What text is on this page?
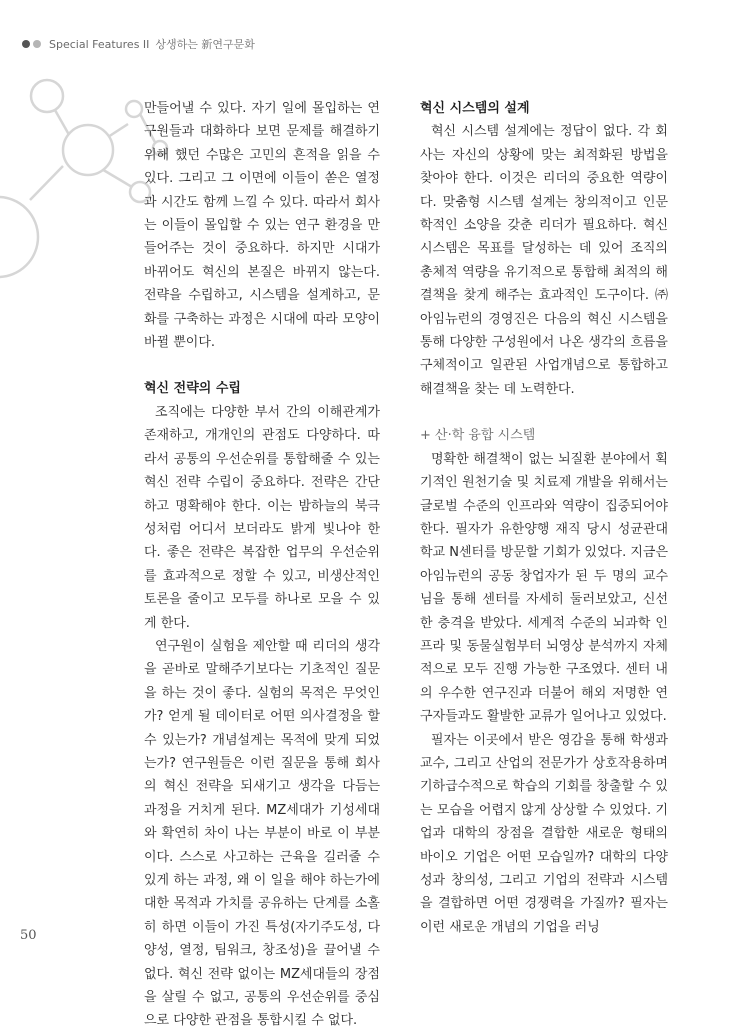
Special Features II 상생하는 新연구문화

만들어낼 수 있다. 자기 일에 몰입하는 연구원들과 대화하다 보면 문제를 해결하기 위해 했던 수많은 고민의 흔적을 읽을 수 있다. 그리고 그 이면에 이들이 쏟은 열정과 시간도 함께 느낄 수 있다. 따라서 회사는 이들이 몰입할 수 있는 연구 환경을 만들어주는 것이 중요하다. 하지만 시대가 바뀌어도 혁신의 본질은 바뀌지 않는다. 전략을 수립하고, 시스템을 설계하고, 문화를 구축하는 과정은 시대에 따라 모양이 바뀔 뿐이다.

혁신 전략의 수립

조직에는 다양한 부서 간의 이해관계가 존재하고, 개개인의 관점도 다양하다. 따라서 공통의 우선순위를 통합해줄 수 있는 혁신 전략 수립이 중요하다. 전략은 간단하고 명확해야 한다. 이는 밤하늘의 북극성처럼 어디서 보더라도 밝게 빛나야 한다. 좋은 전략은 복잡한 업무의 우선순위를 효과적으로 정할 수 있고, 비생산적인 토론을 줄이고 모두를 하나로 모을 수 있게 한다.

연구원이 실험을 제안할 때 리더의 생각을 곧바로 말해주기보다는 기초적인 질문을 하는 것이 좋다. 실험의 목적은 무엇인가? 얻게 될 데이터로 어떤 의사결정을 할 수 있는가? 개념설계는 목적에 맞게 되었는가? 연구원들은 이런 질문을 통해 회사의 혁신 전략을 되새기고 생각을 다듬는 과정을 거치게 된다. MZ세대가 기성세대와 확연히 차이 나는 부분이 바로 이 부분이다. 스스로 사고하는 근육을 길러줄 수 있게 하는 과정, 왜 이 일을 해야 하는가에 대한 목적과 가치를 공유하는 단계를 소홀히 하면 이들이 가진 특성(자기주도성, 다양성, 열정, 팀워크, 창조성)을 끌어낼 수 없다. 혁신 전략 없이는 MZ세대들의 장점을 살릴 수 없고, 공통의 우선순위를 중심으로 다양한 관점을 통합시킬 수 없다.

혁신 시스템의 설계

혁신 시스템 설계에는 정답이 없다. 각 회사는 자신의 상황에 맞는 최적화된 방법을 찾아야 한다. 이것은 리더의 중요한 역량이다. 맞춤형 시스템 설계는 창의적이고 인문학적인 소양을 갖춘 리더가 필요하다. 혁신 시스템은 목표를 달성하는 데 있어 조직의 총체적 역량을 유기적으로 통합해 최적의 해결책을 찾게 해주는 효과적인 도구이다. ㈜아임뉴런의 경영진은 다음의 혁신 시스템을 통해 다양한 구성원에서 나온 생각의 흐름을 구체적이고 일관된 사업개념으로 통합하고 해결책을 찾는 데 노력한다.

+ 산·학 융합 시스템

명확한 해결책이 없는 뇌질환 분야에서 획기적인 원천기술 및 치료제 개발을 위해서는 글로벌 수준의 인프라와 역량이 집중되어야 한다. 필자가 유한양행 재직 당시 성균관대학교 N센터를 방문할 기회가 있었다. 지금은 아임뉴런의 공동 창업자가 된 두 명의 교수님을 통해 센터를 자세히 둘러보았고, 신선한 충격을 받았다. 세계적 수준의 뇌과학 인프라 및 동물실험부터 뇌영상 분석까지 자체적으로 모두 진행 가능한 구조였다. 센터 내의 우수한 연구진과 더불어 해외 저명한 연구자들과도 활발한 교류가 일어나고 있었다.

필자는 이곳에서 받은 영감을 통해 학생과 교수, 그리고 산업의 전문가가 상호작용하며 기하급수적으로 학습의 기회를 창출할 수 있는 모습을 어렵지 않게 상상할 수 있었다. 기업과 대학의 장점을 결합한 새로운 형태의 바이오 기업은 어떤 모습일까? 대학의 다양성과 창의성, 그리고 기업의 전략과 시스템을 결합하면 어떤 경쟁력을 가질까? 필자는 이런 새로운 개념의 기업을 러닝

50
